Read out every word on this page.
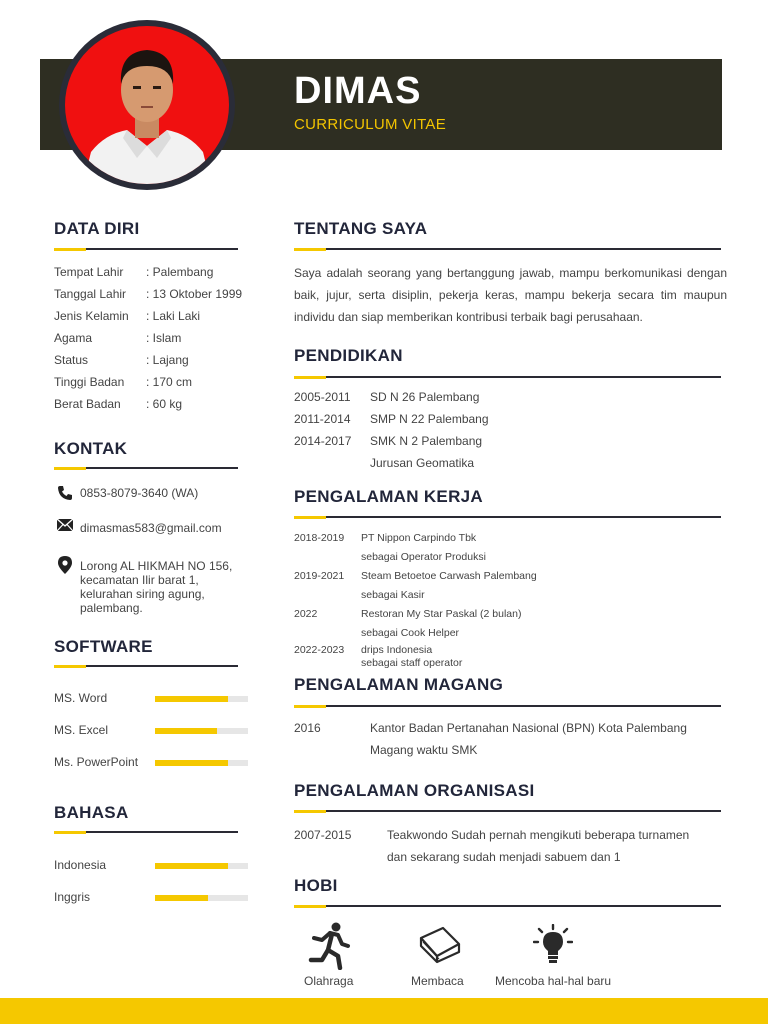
DIMAS
CURRICULUM VITAE
DATA DIRI
Tempat Lahir : Palembang
Tanggal Lahir : 13 Oktober 1999
Jenis Kelamin : Laki Laki
Agama	: Islam
Status	: Lajang
Tinggi Badan : 170 cm
Berat Badan : 60 kg
KONTAK
0853-8079-3640 (WA)
dimasmas583@gmail.com
Lorong AL HIKMAH NO 156,
kecamatan Ilir barat 1,
kelurahan siring agung,
palembang.
SOFTWARE
MS. Word
MS. Excel
Ms. PowerPoint
BAHASA
Indonesia
Inggris
TENTANG SAYA
Saya adalah seorang yang bertanggung jawab, mampu berkomunikasi dengan baik, jujur, serta disiplin, pekerja keras, mampu bekerja secara tim maupun individu dan siap memberikan kontribusi terbaik bagi perusahaan.
PENDIDIKAN
2005-2011 SD N 26 Palembang
2011-2014 SMP N 22 Palembang
2014-2017 SMK N 2 Palembang
Jurusan Geomatika
PENGALAMAN KERJA
2018-2019 PT Nippon Carpindo Tbk
sebagai Operator Produksi
2019-2021 Steam Betoetoe Carwash Palembang
sebagai Kasir
2022	Restoran My Star Paskal (2 bulan)
sebagai Cook Helper
2022-2023 drips Indonesia
sebagai staff operator
PENGALAMAN MAGANG
2016	Kantor Badan Pertanahan Nasional (BPN) Kota Palembang
Magang waktu SMK
PENGALAMAN ORGANISASI
2007-2015	Teakwondo Sudah pernah mengikuti beberapa turnamen
dan sekarang sudah menjadi sabuem dan 1
HOBI
Olahraga	Membaca	Mencoba hal-hal baru
